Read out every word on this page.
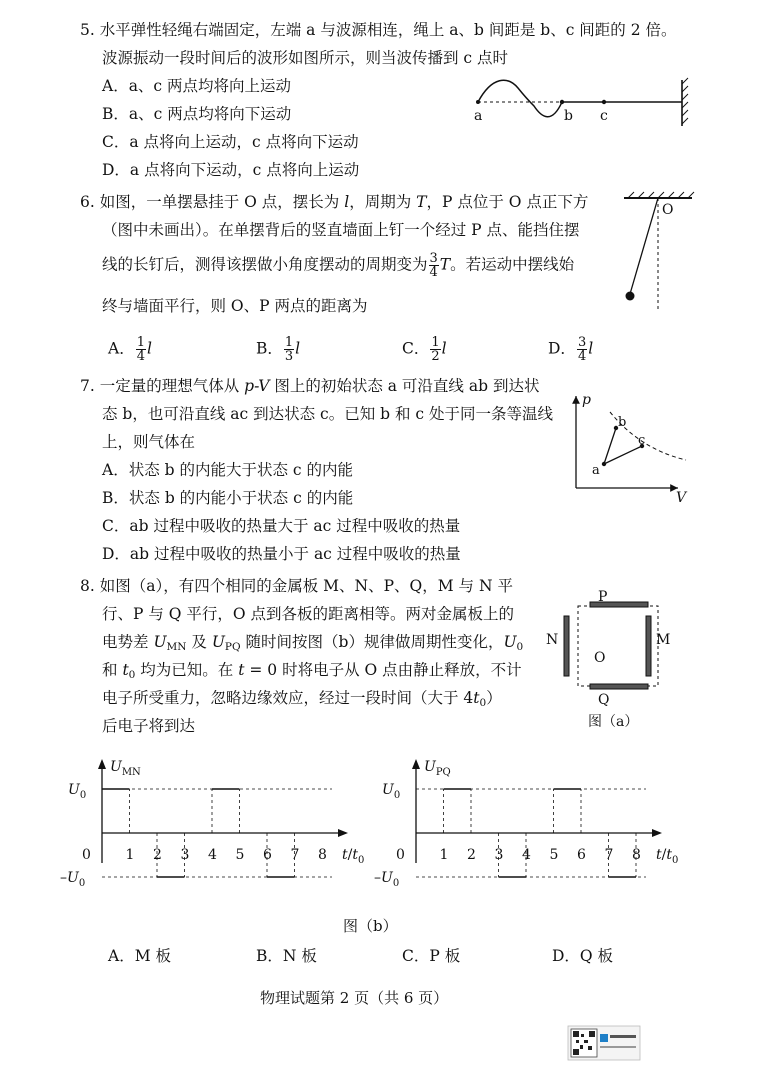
5. 水平弹性轻绳右端固定，左端 a 与波源相连，绳上 a、b 间距是 b、c 间距的 2 倍。
波源振动一段时间后的波形如图所示，则当波传播到 c 点时
A．a、c 两点均将向上运动
B．a、c 两点均将向下运动
C．a 点将向上运动，c 点将向下运动
D．a 点将向下运动，c 点将向上运动
a	b c
6. 如图，一单摆悬挂于 O 点，摆长为 l，周期为 T，P 点位于 O 点正下方
（图中未画出）。在单摆背后的竖直墙面上钉一个经过 P 点、能挡住摆
线的长钉后，测得该摆做小角度摆动的周期变为 $\frac{3}{4}$ T。若运动中摆线始
终与墙面平行，则 O、P 两点的距离为
A． $\frac{1}{4}$ l	B． $\frac{1}{3}$ l	C． $\frac{1}{2}$ l	D． $\frac{3}{4}$ l
O
7. 一定量的理想气体从 p-V 图上的初始状态 a 可沿直线 ab 到达状
态 b，也可沿直线 ac 到达状态 c。已知 b 和 c 处于同一条等温线
上，则气体在
A．状态 b 的内能大于状态 c 的内能
B．状态 b 的内能小于状态 c 的内能
C．ab 过程中吸收的热量大于 ac 过程中吸收的热量
D．ab 过程中吸收的热量小于 ac 过程中吸收的热量
p
V
a
b
c
8. 如图（a），有四个相同的金属板 M、N、P、Q，M 与 N 平
行、P 与 Q 平行，O 点到各板的距离相等。两对金属板上的
电势差 $U_{MN}$ 及 $U_{PQ}$ 随时间按图（b）规律做周期性变化，$U_0$
和 $t_0$ 均为已知。在 t = 0 时将电子从 O 点由静止释放，不计
电子所受重力，忽略边缘效应，经过一段时间（大于 $4t_0$）
后电子将到达
P
Q
N	M
O
图（a）
0 1 2 3 4 5 6 7 8
$U_0$
$-U_0$
$U_{MN}$
$t/t_0$ 0 1 2 3 4 5 6 7 8
$U_0$
$-U_0$
$U_{PQ}$
$t/t_0$
图（b）
A．M 板	B．N 板	C．P 板	D．Q 板
物理试题第 2 页（共 6 页）
